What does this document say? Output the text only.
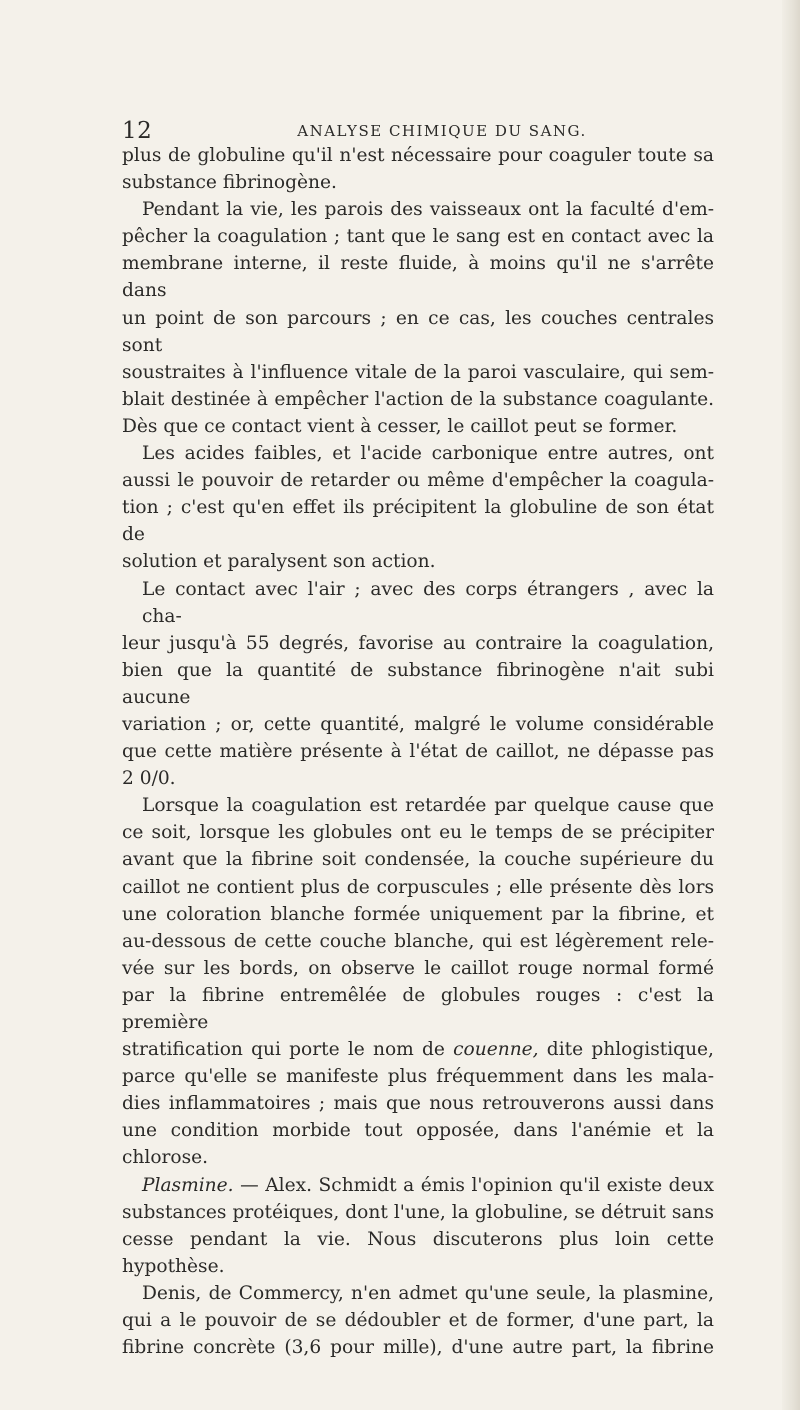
12	ANALYSE CHIMIQUE DU SANG.
plus de globuline qu'il n'est nécessaire pour coaguler toute sa
substance fibrinogène.
Pendant la vie, les parois des vaisseaux ont la faculté d'em-
pêcher la coagulation ; tant que le sang est en contact avec la
membrane interne, il reste fluide, à moins qu'il ne s'arrête dans
un point de son parcours ; en ce cas, les couches centrales sont
soustraites à l'influence vitale de la paroi vasculaire, qui sem-
blait destinée à empêcher l'action de la substance coagulante.
Dès que ce contact vient à cesser, le caillot peut se former.
Les acides faibles, et l'acide carbonique entre autres, ont
aussi le pouvoir de retarder ou même d'empêcher la coagula-
tion ; c'est qu'en effet ils précipitent la globuline de son état de
solution et paralysent son action.
Le contact avec l'air ; avec des corps étrangers , avec la cha-
leur jusqu'à 55 degrés, favorise au contraire la coagulation,
bien que la quantité de substance fibrinogène n'ait subi aucune
variation ; or, cette quantité, malgré le volume considérable
que cette matière présente à l'état de caillot, ne dépasse pas
2 0/0.
Lorsque la coagulation est retardée par quelque cause que
ce soit, lorsque les globules ont eu le temps de se précipiter
avant que la fibrine soit condensée, la couche supérieure du
caillot ne contient plus de corpuscules ; elle présente dès lors
une coloration blanche formée uniquement par la fibrine, et
au-dessous de cette couche blanche, qui est légèrement rele-
vée sur les bords, on observe le caillot rouge normal formé
par la fibrine entremêlée de globules rouges : c'est la première
stratification qui porte le nom de couenne, dite phlogistique,
parce qu'elle se manifeste plus fréquemment dans les mala-
dies inflammatoires ; mais que nous retrouverons aussi dans
une condition morbide tout opposée, dans l'anémie et la
chlorose.
Plasmine. — Alex. Schmidt a émis l'opinion qu'il existe deux
substances protéiques, dont l'une, la globuline, se détruit sans
cesse pendant la vie. Nous discuterons plus loin cette hypothèse.
Denis, de Commercy, n'en admet qu'une seule, la plasmine,
qui a le pouvoir de se dédoubler et de former, d'une part, la
fibrine concrète (3,6 pour mille), d'une autre part, la fibrine
